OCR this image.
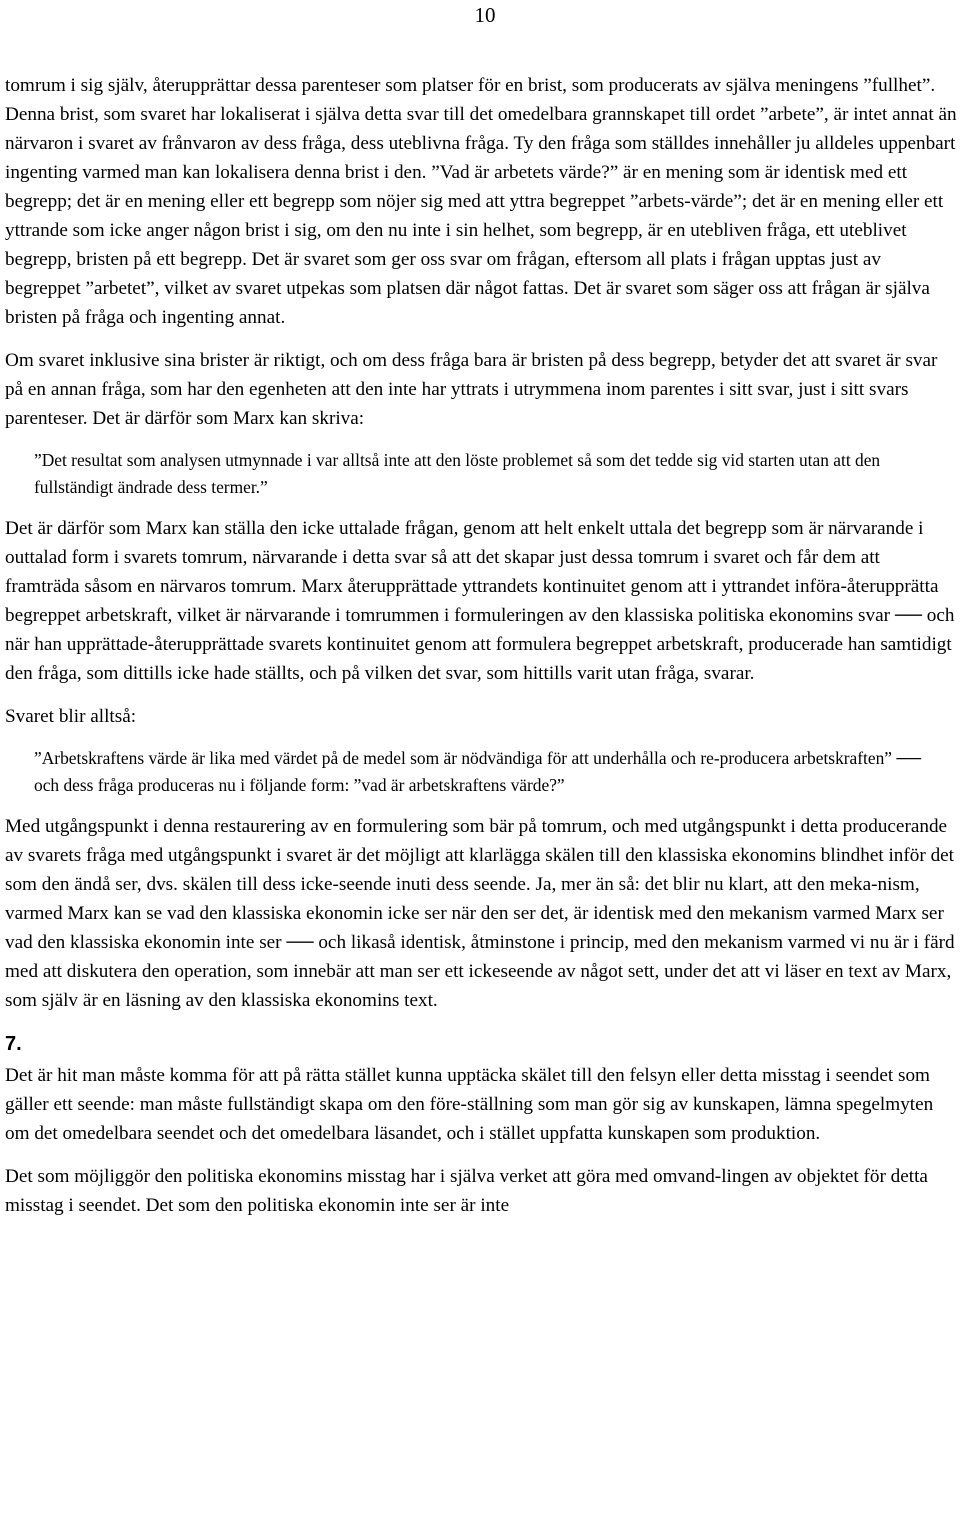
10

tomrum i sig själv, återupprättar dessa parenteser som platser för en brist, som producerats av själva meningens ”fullhet”.

Denna brist, som svaret har lokaliserat i själva detta svar till det omedelbara grannskapet till ordet ”arbete”, är intet annat än närvaron i svaret av frånvaron av dess fråga, dess uteblivna fråga. Ty den fråga som ställdes innehåller ju alldeles uppenbart ingenting varmed man kan lokalisera denna brist i den. ”Vad är arbetets värde?” är en mening som är identisk med ett begrepp; det är en mening eller ett begrepp som nöjer sig med att yttra begreppet ”arbets-värde”; det är en mening eller ett yttrande som icke anger någon brist i sig, om den nu inte i sin helhet, som begrepp, är en utebliven fråga, ett uteblivet begrepp, bristen på ett begrepp. Det är svaret som ger oss svar om frågan, eftersom all plats i frågan upptas just av begreppet ”arbetet”, vilket av svaret utpekas som platsen där något fattas. Det är svaret som säger oss att frågan är själva bristen på fråga och ingenting annat.

Om svaret inklusive sina brister är riktigt, och om dess fråga bara är bristen på dess begrepp, betyder det att svaret är svar på en annan fråga, som har den egenheten att den inte har yttrats i utrymmena inom parentes i sitt svar, just i sitt svars parenteser. Det är därför som Marx kan skriva:

”Det resultat som analysen utmynnade i var alltså inte att den löste problemet så som det tedde sig vid starten utan att den fullständigt ändrade dess termer.”

Det är därför som Marx kan ställa den icke uttalade frågan, genom att helt enkelt uttala det begrepp som är närvarande i outtalad form i svarets tomrum, närvarande i detta svar så att det skapar just dessa tomrum i svaret och får dem att framträda såsom en närvaros tomrum. Marx återupprättade yttrandets kontinuitet genom att i yttrandet införa-återupprätta begreppet arbetskraft, vilket är närvarande i tomrummen i formuleringen av den klassiska politiska ekonomins svar ── och när han upprättade-återupprättade svarets kontinuitet genom att formulera begreppet arbetskraft, producerade han samtidigt den fråga, som dittills icke hade ställts, och på vilken det svar, som hittills varit utan fråga, svarar.

Svaret blir alltså:

”Arbetskraftens värde är lika med värdet på de medel som är nödvändiga för att underhålla och re-producera arbetskraften” ── och dess fråga produceras nu i följande form: ”vad är arbetskraftens värde?”

Med utgångspunkt i denna restaurering av en formulering som bär på tomrum, och med utgångspunkt i detta producerande av svarets fråga med utgångspunkt i svaret är det möjligt att klarlägga skälen till den klassiska ekonomins blindhet inför det som den ändå ser, dvs. skälen till dess icke-seende inuti dess seende. Ja, mer än så: det blir nu klart, att den meka-nism, varmed Marx kan se vad den klassiska ekonomin icke ser när den ser det, är identisk med den mekanism varmed Marx ser vad den klassiska ekonomin inte ser ── och likaså identisk, åtminstone i princip, med den mekanism varmed vi nu är i färd med att diskutera den operation, som innebär att man ser ett ickeseende av något sett, under det att vi läser en text av Marx, som själv är en läsning av den klassiska ekonomins text.

7.

Det är hit man måste komma för att på rätta stället kunna upptäcka skälet till den felsyn eller detta misstag i seendet som gäller ett seende: man måste fullständigt skapa om den före-ställning som man gör sig av kunskapen, lämna spegelmyten om det omedelbara seendet och det omedelbara läsandet, och i stället uppfatta kunskapen som produktion.

Det som möjliggör den politiska ekonomins misstag har i själva verket att göra med omvand-lingen av objektet för detta misstag i seendet. Det som den politiska ekonomin inte ser är inte
